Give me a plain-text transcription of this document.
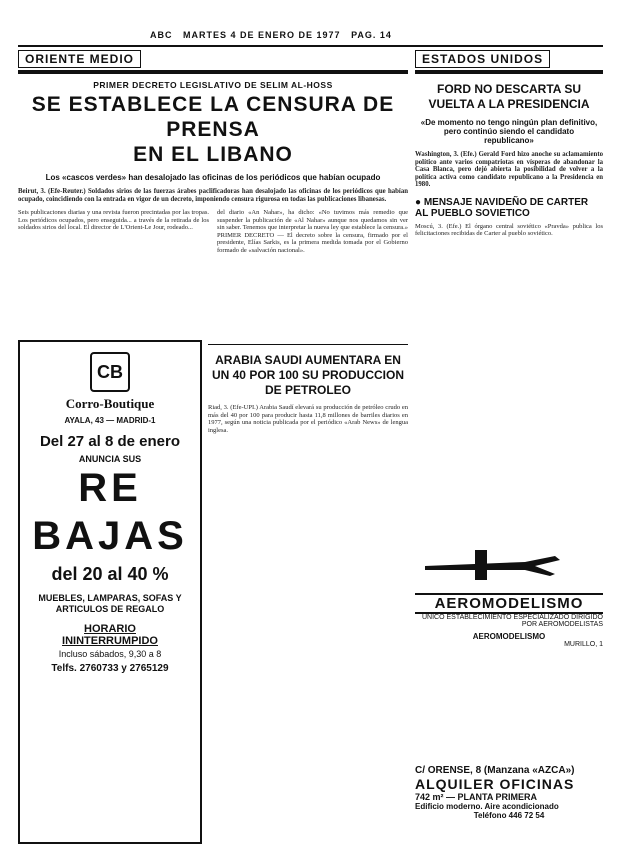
ABC MARTES 4 DE ENERO DE 1977 PAG. 14
ORIENTE MEDIO
PRIMER DECRETO LEGISLATIVO DE SELIM AL-HOSS
SE ESTABLECE LA CENSURA DE PRENSA
EN EL LIBANO
Los «cascos verdes» han desalojado las oficinas de los periódicos que habían ocupado
Beirut, 3. (Efe-Reuter.) Soldados sirios de las fuerzas árabes paclificadoras han desalojado las oficinas de los periódicos que habían ocupado, coincidiendo con la entrada en vigor de un decreto, imponiendo censura rigurosa en todas las publicaciones libanesas.
Seis publicaciones diarias y una revista fueron precintadas por las tropas. Los periódicos ocupados, pero enseguida... a través de la retirada de los soldados sirios del local. El director de L'Orient-Le Jour, rodeado...
del diario «An Nahar», ha dicho: «No tuvimos más remedio que suspender la publicación de «Al Nahar» aunque nos quedamos sin ver sin saber. Tenemos que interpretar la nueva ley que establece la censura.» PRIMER DECRETO — El decreto sobre la censura, firmado por el presidente, Elías Sarkis, es la primera medida tomada por el Gobierno formado de «salvación nacional».
CB
Corro-Boutique
AYALA, 43 — MADRID-1
Del 27 al 8 de enero
ANUNCIA SUS
RE
BAJAS
del 20 al 40 %
MUEBLES, LAMPARAS, SOFAS Y ARTICULOS DE REGALO
HORARIO
ININTERRUMPIDO
Incluso sábados, 9,30 a 8
Telfs. 2760733 y 2765129
ARABIA SAUDI AUMENTARA EN UN 40 POR 100 SU PRODUCCION DE PETROLEO
Riad, 3. (Efe-UPI.) Arabia Saudí elevará su producción de petróleo crudo en más del 40 por 100 para producir hasta 11,8 millones de barriles diarios en 1977, según una noticia publicada por el periódico «Arab News» de lengua inglesa.
ESTADOS UNIDOS
FORD NO DESCARTA SU VUELTA A LA PRESIDENCIA
«De momento no tengo ningún plan definitivo, pero continúo siendo el candidato republicano»
Washington, 3. (Efe.) Gerald Ford hizo anoche su aclamamiento político ante varios compatriotas en vísperas de abandonar la Casa Blanca, pero dejó abierta la posibilidad de volver a la política activa como candidato republicano a la Presidencia en 1980.
● MENSAJE NAVIDEÑO DE CARTER AL PUEBLO SOVIETICO
Moscú, 3. (Efe.) El órgano central soviético «Pravda» publica los felicitaciones recibidas de Carter al pueblo soviético.
AEROMODELISMO
UNICO ESTABLECIMIENTO ESPECIALIZADO DIRIGIDO POR AEROMODELISTAS
AEROMODELISMO
MURILLO, 1
C/ ORENSE, 8 (Manzana «AZCA»)
ALQUILER OFICINAS
742 m² — PLANTA PRIMERA
Edificio moderno. Aire acondicionado
Teléfono 446 72 54
